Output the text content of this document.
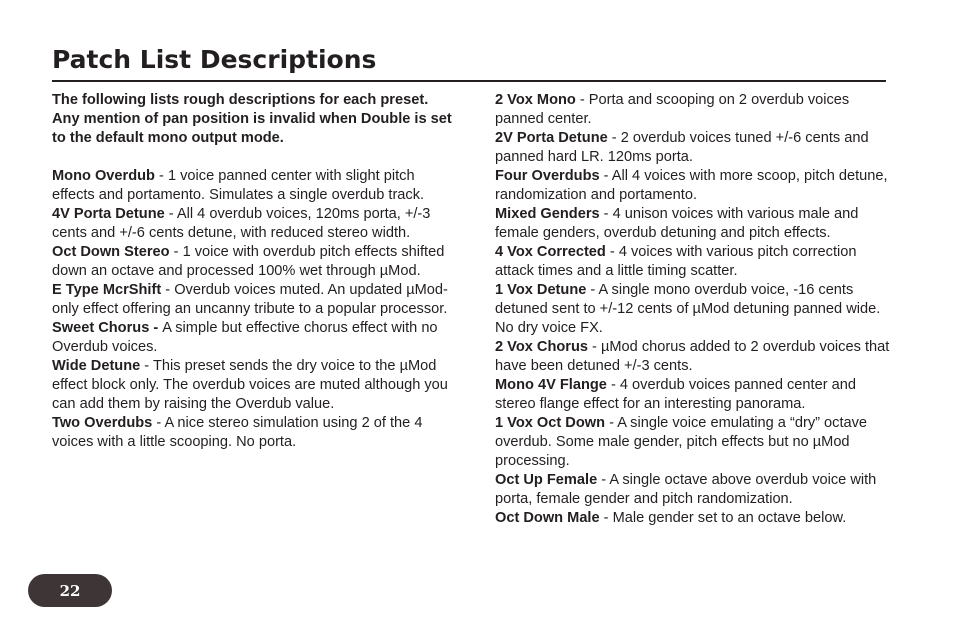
Patch List Descriptions

The following lists rough descriptions for each preset. Any mention of pan position is invalid when Double is set to the default mono output mode.

Mono Overdub - 1 voice panned center with slight pitch effects and portamento. Simulates a single overdub track.

4V Porta Detune - All 4 overdub voices, 120ms porta, +/-3 cents and +/-6 cents detune, with reduced stereo width.

Oct Down Stereo - 1 voice with overdub pitch effects shifted down an octave and processed 100% wet through µMod.

E Type McrShift - Overdub voices muted. An updated µMod-only effect offering an uncanny tribute to a popular processor.

Sweet Chorus - A simple but effective chorus effect with no Overdub voices.

Wide Detune - This preset sends the dry voice to the µMod effect block only. The overdub voices are muted although you can add them by raising the Overdub value.

Two Overdubs - A nice stereo simulation using 2 of the 4 voices with a little scooping. No porta.

2 Vox Mono - Porta and scooping on 2 overdub voices panned center.

2V Porta Detune - 2 overdub voices tuned +/-6 cents and panned hard LR. 120ms porta.

Four Overdubs - All 4 voices with more scoop, pitch detune, randomization and portamento.

Mixed Genders - 4 unison voices with various male and female genders, overdub detuning and pitch effects.

4 Vox Corrected - 4 voices with various pitch correction attack times and a little timing scatter.

1 Vox Detune - A single mono overdub voice, -16 cents detuned sent to +/-12 cents of µMod detuning panned wide. No dry voice FX.

2 Vox Chorus - µMod chorus added to 2 overdub voices that have been detuned +/-3 cents.

Mono 4V Flange - 4 overdub voices panned center and stereo flange effect for an interesting panorama.

1 Vox Oct Down - A single voice emulating a “dry” octave overdub. Some male gender, pitch effects but no µMod processing.

Oct Up Female - A single octave above overdub voice with porta, female gender and pitch randomization.

Oct Down Male - Male gender set to an octave below.

22
